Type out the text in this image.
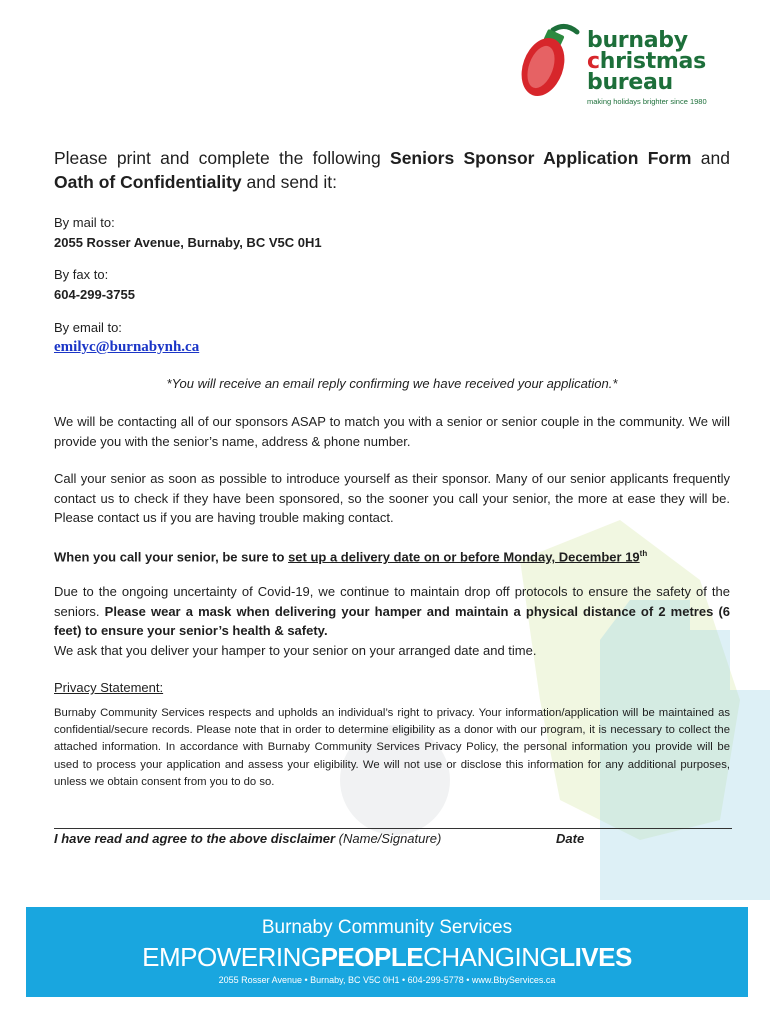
burnaby
christmas
bureau
making holidays brighter since 1980
Please print and complete the following Seniors Sponsor Application Form and Oath of Confidentiality and send it:
By mail to:
2055 Rosser Avenue, Burnaby, BC V5C 0H1
By fax to:
604-299-3755
By email to:
emilyc@burnabynh.ca
*You will receive an email reply confirming we have received your application.*
We will be contacting all of our sponsors ASAP to match you with a senior or senior couple in the community. We will provide you with the senior’s name, address & phone number.
Call your senior as soon as possible to introduce yourself as their sponsor. Many of our senior applicants frequently contact us to check if they have been sponsored, so the sooner you call your senior, the more at ease they will be. Please contact us if you are having trouble making contact.
When you call your senior, be sure to set up a delivery date on or before Monday, December 19th
Due to the ongoing uncertainty of Covid-19, we continue to maintain drop off protocols to ensure the safety of the seniors. Please wear a mask when delivering your hamper and maintain a physical distance of 2 metres (6 feet) to ensure your senior’s health & safety.
We ask that you deliver your hamper to your senior on your arranged date and time.
Privacy Statement:
Burnaby Community Services respects and upholds an individual’s right to privacy. Your information/application will be maintained as confidential/secure records. Please note that in order to determine eligibility as a donor with our program, it is necessary to collect the attached information. In accordance with Burnaby Community Services Privacy Policy, the personal information you provide will be used to process your application and assess your eligibility. We will not use or disclose this information for any additional purposes, unless we obtain consent from you to do so.
I have read and agree to the above disclaimer (Name/Signature)	Date
Burnaby Community Services
EMPOWERINGPEOPLECHANGINGLIVES
2055 Rosser Avenue • Burnaby, BC V5C 0H1 • 604-299-5778 • www.BbyServices.ca
